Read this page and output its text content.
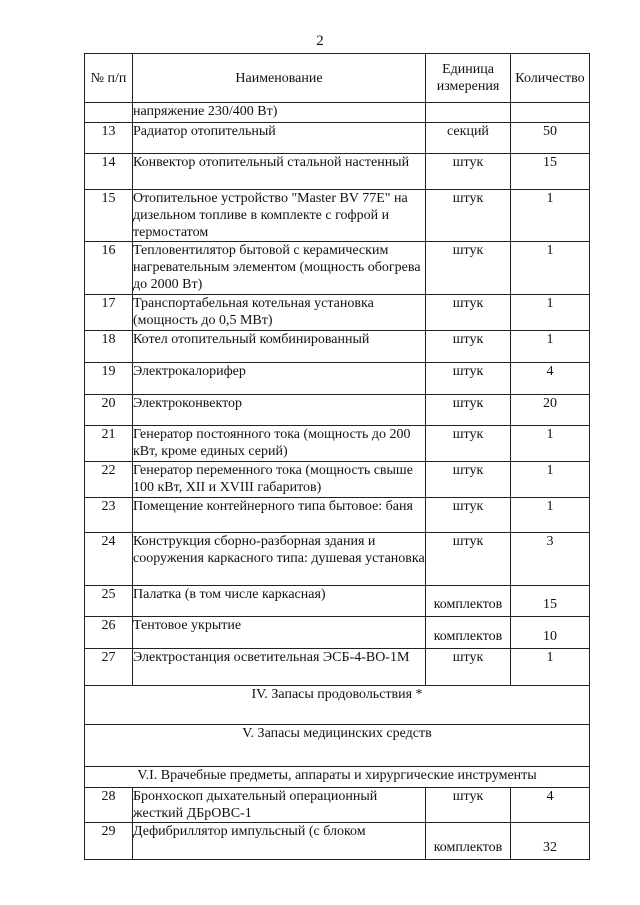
2
№ п/п	Наименование	Единица измерения	Количество
	напряжение 230/400 Вт)		
13	Радиатор отопительный	секций	50
14	Конвектор отопительный стальной настенный	штук	15
15	Отопительное устройство "Master BV 77E" на дизельном топливе в комплекте с гофрой и термостатом	штук	1
16	Тепловентилятор бытовой с керамическим нагревательным элементом (мощность обогрева до 2000 Вт)	штук	1
17	Транспортабельная котельная установка (мощность до 0,5 МВт)	штук	1
18	Котел отопительный комбинированный	штук	1
19	Электрокалорифер	штук	4
20	Электроконвектор	штук	20
21	Генератор постоянного тока (мощность до 200 кВт, кроме единых серий)	штук	1
22	Генератор переменного тока (мощность свыше 100 кВт, XII и XVIII габаритов)	штук	1
23	Помещение контейнерного типа бытовое: баня	штук	1
24	Конструкция сборно-разборная здания и сооружения каркасного типа: душевая установка	штук	3
25	Палатка (в том числе каркасная)	комплектов	15
26	Тентовое укрытие	комплектов	10
27	Электростанция осветительная ЭСБ-4-ВО-1М	штук	1
IV. Запасы продовольствия *			
V. Запасы медицинских средств			
V.I. Врачебные предметы, аппараты и хирургические инструменты			
28	Бронхоскоп дыхательный операционный жесткий ДБрОВС-1	штук	4
29	Дефибриллятор импульсный (с блоком	комплектов	32
